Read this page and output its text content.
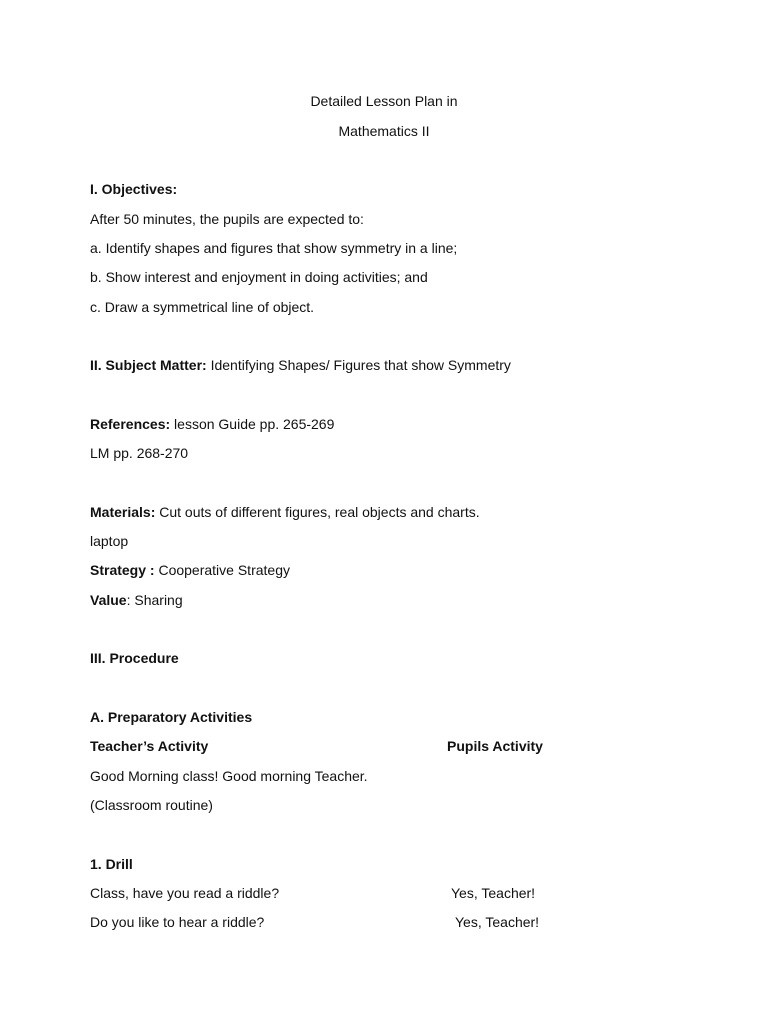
Detailed Lesson Plan in
Mathematics II
I. Objectives:
After 50 minutes, the pupils are expected to:
a. Identify shapes and figures that show symmetry in a line;
b. Show interest and enjoyment in doing activities; and
c. Draw a symmetrical line of object.
II. Subject Matter: Identifying Shapes/ Figures that show Symmetry
References: lesson Guide pp. 265-269
LM pp. 268-270
Materials: Cut outs of different figures, real objects and charts.
laptop
Strategy : Cooperative Strategy
Value: Sharing
III. Procedure
A. Preparatory Activities
Teacher’s Activity	Pupils Activity
Good Morning class! Good morning Teacher.
(Classroom routine)
1. Drill
Class, have you read a riddle?	Yes, Teacher!
Do you like to hear a riddle?	Yes, Teacher!
